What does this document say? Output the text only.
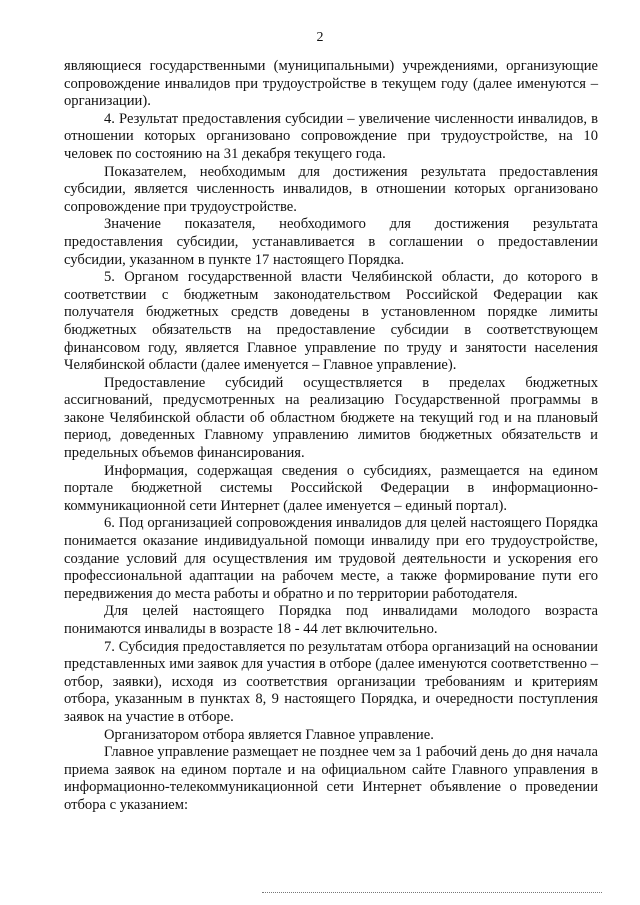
2

являющиеся государственными (муниципальными) учреждениями, организующие сопровождение инвалидов при трудоустройстве в текущем году (далее именуются – организации).

4. Результат предоставления субсидии – увеличение численности инвалидов, в отношении которых организовано сопровождение при трудоустройстве, на 10 человек по состоянию на 31 декабря текущего года.

Показателем, необходимым для достижения результата предоставления субсидии, является численность инвалидов, в отношении которых организовано сопровождение при трудоустройстве.

Значение показателя, необходимого для достижения результата предоставления субсидии, устанавливается в соглашении о предоставлении субсидии, указанном в пункте 17 настоящего Порядка.

5. Органом государственной власти Челябинской области, до которого в соответствии с бюджетным законодательством Российской Федерации как получателя бюджетных средств доведены в установленном порядке лимиты бюджетных обязательств на предоставление субсидии в соответствующем финансовом году, является Главное управление по труду и занятости населения Челябинской области (далее именуется – Главное управление).

Предоставление субсидий осуществляется в пределах бюджетных ассигнований, предусмотренных на реализацию Государственной программы в законе Челябинской области об областном бюджете на текущий год и на плановый период, доведенных Главному управлению лимитов бюджетных обязательств и предельных объемов финансирования.

Информация, содержащая сведения о субсидиях, размещается на едином портале бюджетной системы Российской Федерации в информационно-коммуникационной сети Интернет (далее именуется – единый портал).

6. Под организацией сопровождения инвалидов для целей настоящего Порядка понимается оказание индивидуальной помощи инвалиду при его трудоустройстве, создание условий для осуществления им трудовой деятельности и ускорения его профессиональной адаптации на рабочем месте, а также формирование пути его передвижения до места работы и обратно и по территории работодателя.

Для целей настоящего Порядка под инвалидами молодого возраста понимаются инвалиды в возрасте 18 - 44 лет включительно.

7. Субсидия предоставляется по результатам отбора организаций на основании представленных ими заявок для участия в отборе (далее именуются соответственно – отбор, заявки), исходя из соответствия организации требованиям и критериям отбора, указанным в пунктах 8, 9 настоящего Порядка, и очередности поступления заявок на участие в отборе.

Организатором отбора является Главное управление.

Главное управление размещает не позднее чем за 1 рабочий день до дня начала приема заявок на едином портале и на официальном сайте Главного управления в информационно-телекоммуникационной сети Интернет объявление о проведении отбора с указанием:
